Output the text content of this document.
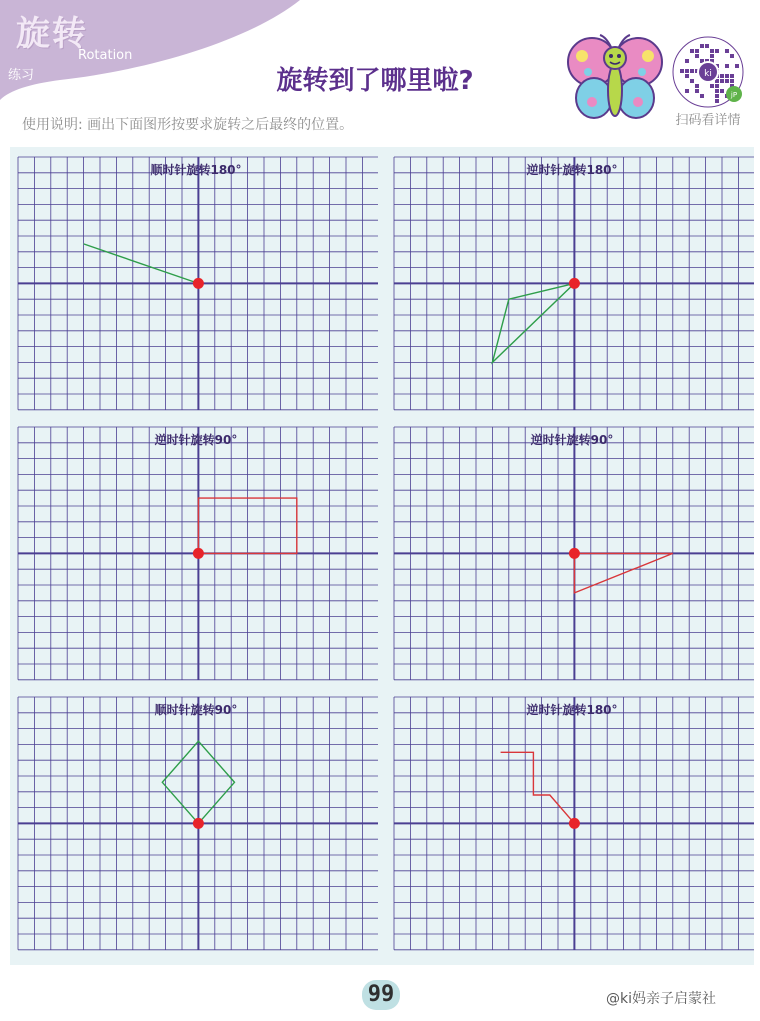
旋转
Rotation
练习	旋转到了哪里啦?
使用说明: 画出下面图形按要求旋转之后最终的位置。
ki
jP
扫码看详情
顺时针旋转180°	逆时针旋转180°
逆时针旋转90°	逆时针旋转90°
顺时针旋转90°	逆时针旋转180°
99	@ki妈亲子启蒙社
